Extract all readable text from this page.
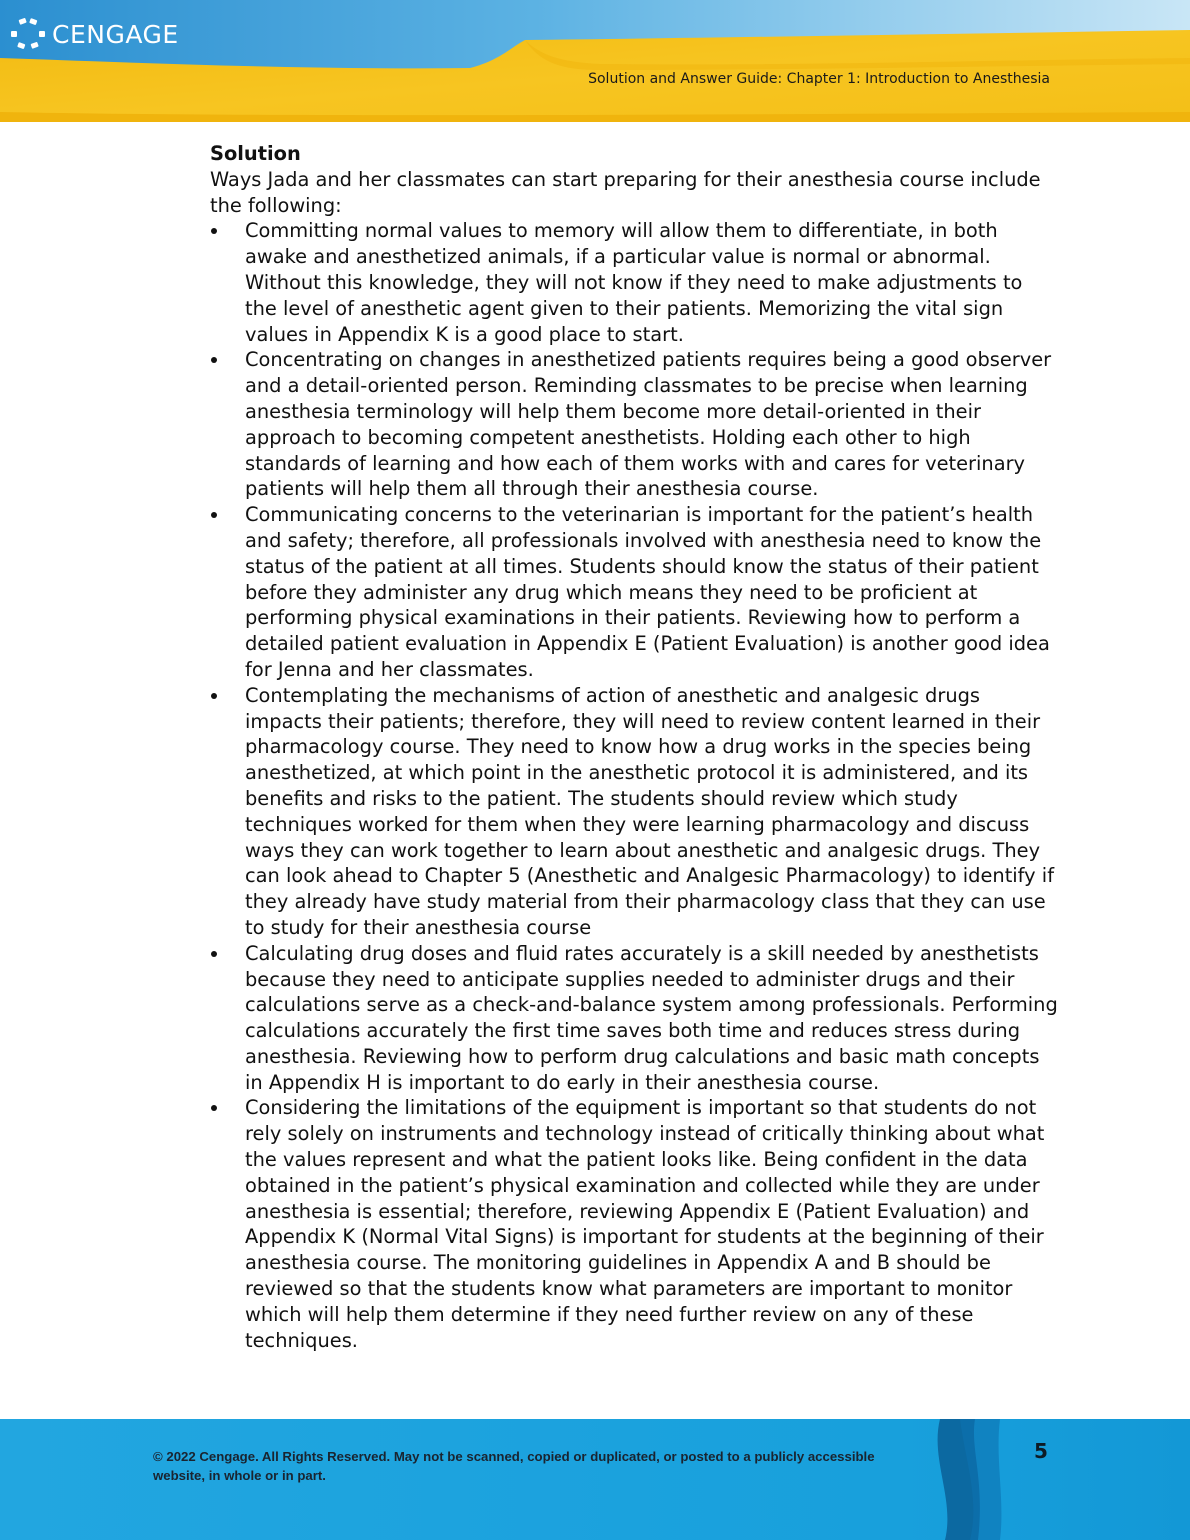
CENGAGE
Solution and Answer Guide: Chapter 1: Introduction to Anesthesia
Solution

Ways Jada and her classmates can start preparing for their anesthesia course include the following:

Committing normal values to memory will allow them to differentiate, in both awake and anesthetized animals, if a particular value is normal or abnormal. Without this knowledge, they will not know if they need to make adjustments to the level of anesthetic agent given to their patients. Memorizing the vital sign values in Appendix K is a good place to start.
Concentrating on changes in anesthetized patients requires being a good observer and a detail-oriented person. Reminding classmates to be precise when learning anesthesia terminology will help them become more detail-oriented in their approach to becoming competent anesthetists. Holding each other to high standards of learning and how each of them works with and cares for veterinary patients will help them all through their anesthesia course.
Communicating concerns to the veterinarian is important for the patient’s health and safety; therefore, all professionals involved with anesthesia need to know the status of the patient at all times. Students should know the status of their patient before they administer any drug which means they need to be proficient at performing physical examinations in their patients. Reviewing how to perform a detailed patient evaluation in Appendix E (Patient Evaluation) is another good idea for Jenna and her classmates.
Contemplating the mechanisms of action of anesthetic and analgesic drugs impacts their patients; therefore, they will need to review content learned in their pharmacology course. They need to know how a drug works in the species being anesthetized, at which point in the anesthetic protocol it is administered, and its benefits and risks to the patient. The students should review which study techniques worked for them when they were learning pharmacology and discuss ways they can work together to learn about anesthetic and analgesic drugs. They can look ahead to Chapter 5 (Anesthetic and Analgesic Pharmacology) to identify if they already have study material from their pharmacology class that they can use to study for their anesthesia course
Calculating drug doses and fluid rates accurately is a skill needed by anesthetists because they need to anticipate supplies needed to administer drugs and their calculations serve as a check-and-balance system among professionals. Performing calculations accurately the first time saves both time and reduces stress during anesthesia. Reviewing how to perform drug calculations and basic math concepts in Appendix H is important to do early in their anesthesia course.
Considering the limitations of the equipment is important so that students do not rely solely on instruments and technology instead of critically thinking about what the values represent and what the patient looks like. Being confident in the data obtained in the patient’s physical examination and collected while they are under anesthesia is essential; therefore, reviewing Appendix E (Patient Evaluation) and Appendix K (Normal Vital Signs) is important for students at the beginning of their anesthesia course. The monitoring guidelines in Appendix A and B should be reviewed so that the students know what parameters are important to monitor which will help them determine if they need further review on any of these techniques.
© 2022 Cengage. All Rights Reserved. May not be scanned, copied or duplicated, or posted to a publicly accessible website, in whole or in part.
5
